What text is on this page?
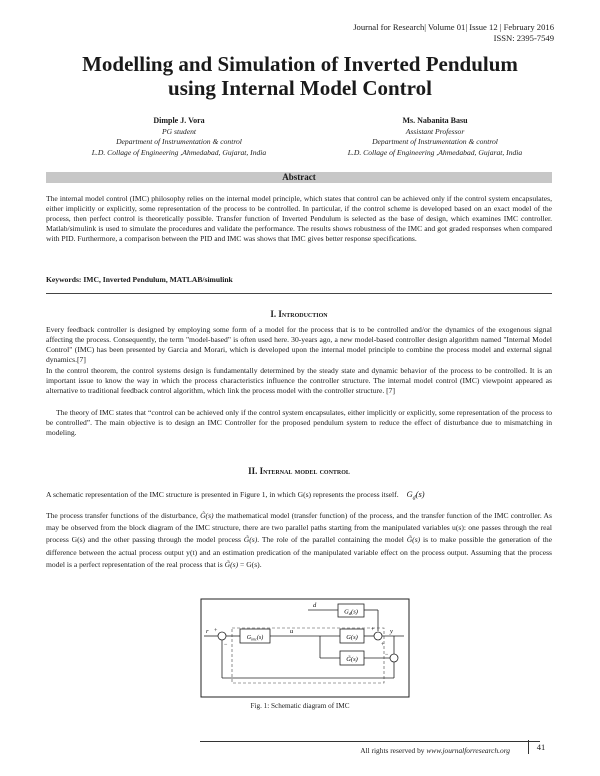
Journal for Research| Volume 01| Issue 12 | February 2016
ISSN: 2395-7549
Modelling and Simulation of Inverted Pendulum
using Internal Model Control
Dimple J. Vora
PG student
Department of Instrumentation & control
L.D. Collage of Engineering ,Ahmedabad, Gujarat, India
Ms. Nabanita Basu
Assistant Professor
Department of Instrumentation & control
L.D. Collage of Engineering ,Ahmedabad, Gujarat, India
Abstract

The internal model control (IMC) philosophy relies on the internal model principle, which states that control can be achieved only if the control system encapsulates, either implicitly or explicitly, some representation of the process to be controlled. In particular, if the control scheme is developed based on an exact model of the process, then perfect control is theoretically possible. Transfer function of Inverted Pendulum is selected as the base of design, which examines IMC controller. Matlab/simulink is used to simulate the procedures and validate the performance. The results shows robustness of the IMC and got graded responses when compared with PID. Furthermore, a comparison between the PID and IMC was shows that IMC gives better response specifications.

Keywords: IMC, Inverted Pendulum, MATLAB/simulink
I. Introduction

Every feedback controller is designed by employing some form of a model for the process that is to be controlled and/or the dynamics of the exogenous signal affecting the process. Consequently, the term "model-based" is often used here. 30-years ago, a new model-based controller design algorithm named "Internal Model Control" (IMC) has been presented by Garcia and Morari, which is developed upon the internal model principle to combine the process model and external signal dynamics.[7]

In the control theorem, the control systems design is fundamentally determined by the steady state and dynamic behavior of the process to be controlled. It is an important issue to know the way in which the process characteristics influence the controller structure. The internal model control (IMC) viewpoint appeared as alternative to traditional feedback control algorithm, which link the process model with the controller structure. [7]

The theory of IMC states that “control can be achieved only if the control system encapsulates, either implicitly or explicitly, some representation of the process to be controlled”. The main objective is to design an IMC Controller for the proposed pendulum system to reduce the effect of disturbance due to mismatching in modeling.

II. Internal model control
A schematic representation of the IMC structure is presented in Figure 1, in which G(s) represents the process itself. $G_d(s)$
The process transfer functions of the disturbance, G̃(s) the mathematical model (transfer function) of the process, and the transfer function of the IMC controller. As may be observed from the block diagram of the IMC structure, there are two parallel paths starting from the manipulated variables u(s): one passes through the real process G(s) and the other passing through the model process G̃(s). The role of the parallel containing the model G̃(s) is to make possible the generation of the difference between the actual process output y(t) and an estimation predication of the manipulated variable effect on the process output. Assuming that the process model is a perfect representation of the real process that is G̃(s) = G(s).
$G_d(s)$
d
r
$G_{imc}(s)$
u
G(s)
y
G̃(s)
+
−
+
+
−
Fig. 1: Schematic diagram of IMC
All rights reserved by www.journalforresearch.org	41
